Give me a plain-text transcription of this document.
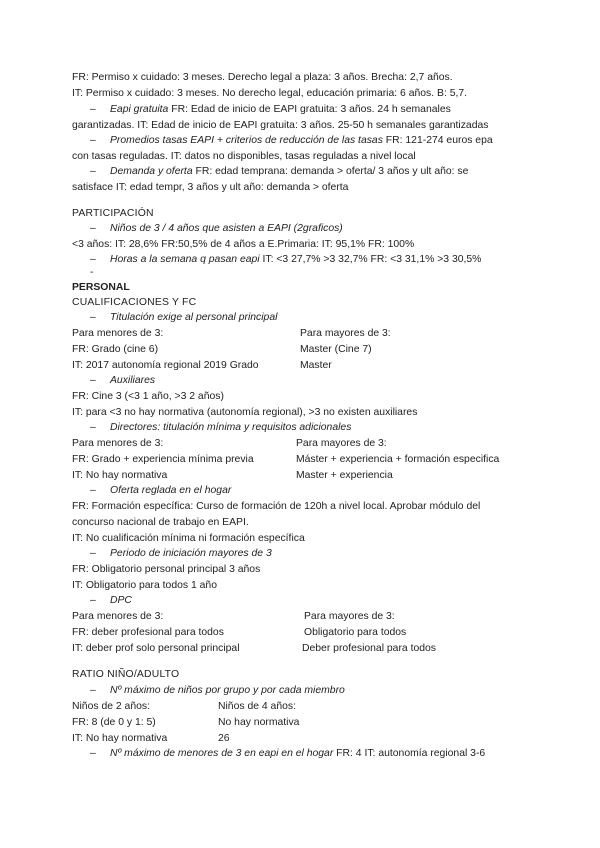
FR: Permiso x cuidado: 3 meses. Derecho legal a plaza: 3 años. Brecha: 2,7 años.
IT: Permiso x cuidado: 3 meses. No derecho legal, educación primaria: 6 años. B: 5,7.
– Eapi gratuita FR: Edad de inicio de EAPI gratuita: 3 años. 24 h semanales
garantizadas. IT: Edad de inicio de EAPI gratuita: 3 años. 25-50 h semanales garantizadas
– Promedios tasas EAPI + criterios de reducción de las tasas FR: 121-274 euros epa
con tasas reguladas. IT: datos no disponibles, tasas reguladas a nivel local
– Demanda y oferta FR: edad temprana: demanda > oferta/ 3 años y ult año: se
satisface IT: edad tempr, 3 años y ult año: demanda > oferta
PARTICIPACIÓN
– Niños de 3 / 4 años que asisten a EAPI (2graficos)
<3 años: IT: 28,6% FR:50,5% de 4 años a E.Primaria: IT: 95,1% FR: 100%
– Horas a la semana q pasan eapi IT: <3 27,7% >3 32,7% FR: <3 31,1% >3 30,5%
-
PERSONAL
CUALIFICACIONES Y FC
– Titulación exige al personal principal
Para menores de 3:	Para mayores de 3:
FR: Grado (cine 6)	Master (Cine 7)
IT: 2017 autonomía regional 2019 Grado	Master
– Auxiliares
FR: Cine 3 (<3 1 año, >3 2 años)
IT: para <3 no hay normativa (autonomía regional), >3 no existen auxiliares
– Directores: titulación mínima y requisitos adicionales
Para menores de 3:	Para mayores de 3:
FR: Grado + experiencia mínima previa	Máster + experiencia + formación especifica
IT: No hay normativa	Master + experiencia
– Oferta reglada en el hogar
FR: Formación específica: Curso de formación de 120h a nivel local. Aprobar módulo del
concurso nacional de trabajo en EAPI.
IT: No cualificación mínima ni formación específica
– Periodo de iniciación mayores de 3
FR: Obligatorio personal principal 3 años
IT: Obligatorio para todos 1 año
– DPC
Para menores de 3:	Para mayores de 3:
FR: deber profesional para todos	Obligatorio para todos
IT: deber prof solo personal principal	Deber profesional para todos
RATIO NIÑO/ADULTO
– Nº máximo de niños por grupo y por cada miembro
Niños de 2 años:	Niños de 4 años:
FR: 8 (de 0 y 1: 5)	No hay normativa
IT: No hay normativa	26
– Nº máximo de menores de 3 en eapi en el hogar FR: 4 IT: autonomía regional 3-6
